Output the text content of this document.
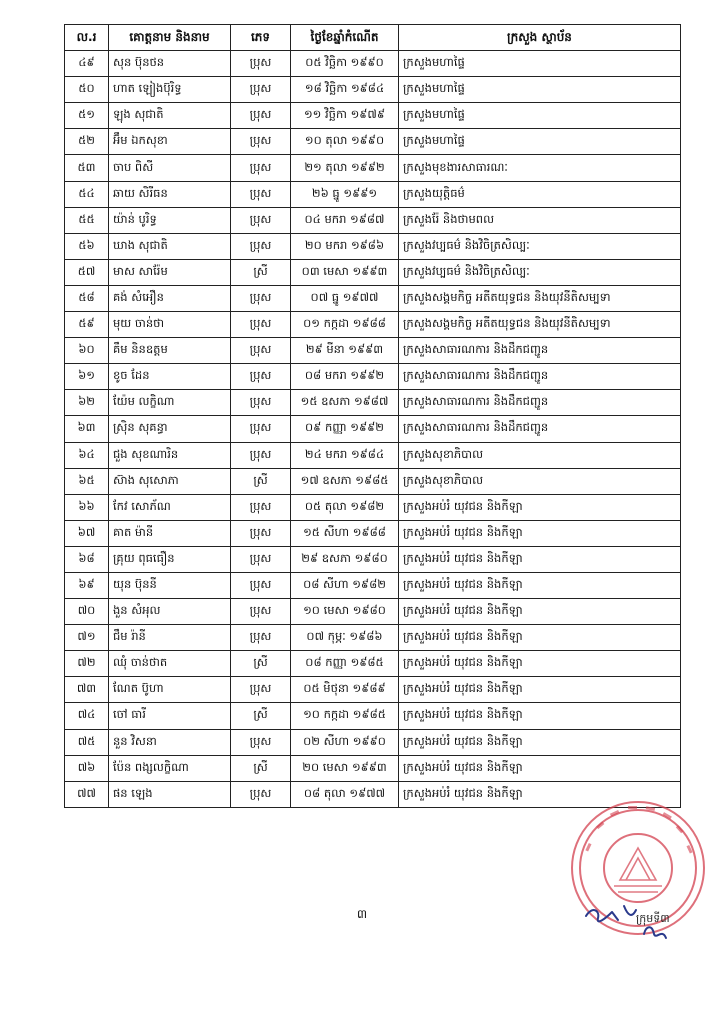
ល.រ	គោត្តនាម និងនាម	ភេទ	ថ្ងៃខែឆ្នាំកំណើត	ក្រសួង ស្ថាប័ន
៤៩	សុន ប៊ុនថន	ប្រុស	០៥ វិច្ឆិកា ១៩៩០	ក្រសួងមហាផ្ទៃ
៥០	ហាត ឡៀងប៊ុរិទ្ធ	ប្រុស	១៨ វិច្ឆិកា ១៩៨៤	ក្រសួងមហាផ្ទៃ
៥១	ឡុង សុជាតិ	ប្រុស	១១ វិច្ឆិកា ១៩៧៩	ក្រសួងមហាផ្ទៃ
៥២	អ៊ឹម ឯកសុខា	ប្រុស	១០ តុលា ១៩៩០	ក្រសួងមហាផ្ទៃ
៥៣	ចាប ពិសី	ប្រុស	២១ តុលា ១៩៩២	ក្រសួងមុខងារសាធារណៈ
៥៤	ឆាយ សិរីធន	ប្រុស	២៦ ធ្នូ ១៩៩១	ក្រសួងយុត្តិធម៌
៥៥	យ៉ាន់ បូរិទ្ធ	ប្រុស	០៤ មករា ១៩៨៧	ក្រសួងរ៉ែ និងថាមពល
៥៦	ឃាង សុជាតិ	ប្រុស	២០ មករា ១៩៨៦	ក្រសួងវប្បធម៌ និងវិចិត្រសិល្បៈ
៥៧	មាស សារ៉ែម	ស្រី	០៣ មេសា ១៩៩៣	ក្រសួងវប្បធម៌ និងវិចិត្រសិល្បៈ
៥៨	គង់ សំអឿន	ប្រុស	០៧ ធ្នូ ១៩៧៧	ក្រសួងសង្គមកិច្ច អតីតយុទ្ធជន និងយុវនីតិសម្បទា
៥៩	មុយ ចាន់ថា	ប្រុស	០១ កក្កដា ១៩៨៨	ក្រសួងសង្គមកិច្ច អតីតយុទ្ធជន និងយុវនីតិសម្បទា
៦០	គឹម និនឧត្តម	ប្រុស	២៩ មីនា ១៩៩៣	ក្រសួងសាធារណការ និងដឹកជញ្ជូន
៦១	ខូច ដែន	ប្រុស	០៨ មករា ១៩៩២	ក្រសួងសាធារណការ និងដឹកជញ្ជូន
៦២	យ៉ែម លក្ខិណា	ប្រុស	១៥ ឧសភា ១៩៨៧	ក្រសួងសាធារណការ និងដឹកជញ្ជូន
៦៣	ស្រ៊ិន សុគន្ធា	ប្រុស	០៩ កញ្ញា ១៩៩២	ក្រសួងសាធារណការ និងដឹកជញ្ជូន
៦៤	ជួង សុខណារិន	ប្រុស	២៤ មករា ១៩៨៤	ក្រសួងសុខាភិបាល
៦៥	ស៊ាង សុសោភា	ស្រី	១៧ ឧសភា ១៩៨៥	ក្រសួងសុខាភិបាល
៦៦	កែវ សោភ័ណ	ប្រុស	០៥ តុលា ១៩៨២	ក្រសួងអប់រំ យុវជន និងកីឡា
៦៧	គាត ម៉ានី	ប្រុស	១៥ សីហា ១៩៨៨	ក្រសួងអប់រំ យុវជន និងកីឡា
៦៨	គ្រុយ ពុធធឿន	ប្រុស	២៩ ឧសភា ១៩៨០	ក្រសួងអប់រំ យុវជន និងកីឡា
៦៩	យុន ប៊ុននី	ប្រុស	០៨ សីហា ១៩៨២	ក្រសួងអប់រំ យុវជន និងកីឡា
៧០	ងួន សំអុល	ប្រុស	១០ មេសា ១៩៨០	ក្រសួងអប់រំ យុវជន និងកីឡា
៧១	ជឹម រ៉ានី	ប្រុស	០៧ កុម្ភៈ ១៩៨៦	ក្រសួងអប់រំ យុវជន និងកីឡា
៧២	ឈុំ ចាន់ថាត	ស្រី	០៨ កញ្ញា ១៩៨៥	ក្រសួងអប់រំ យុវជន និងកីឡា
៧៣	ណែត ប៊ូហា	ប្រុស	០៥ មិថុនា ១៩៨៩	ក្រសួងអប់រំ យុវជន និងកីឡា
៧៤	ចៅ ធារី	ស្រី	១០ កក្កដា ១៩៨៥	ក្រសួងអប់រំ យុវជន និងកីឡា
៧៥	នួន វិសនា	ប្រុស	០២ សីហា ១៩៩០	ក្រសួងអប់រំ យុវជន និងកីឡា
៧៦	ប៉ែន ពង្សលក្ខិណា	ស្រី	២០ មេសា ១៩៩៣	ក្រសួងអប់រំ យុវជន និងកីឡា
៧៧	ផន ឡេង	ប្រុស	០៨ តុលា ១៩៧៧	ក្រសួងអប់រំ យុវជន និងកីឡា
៣	ក្រុមទី៣
